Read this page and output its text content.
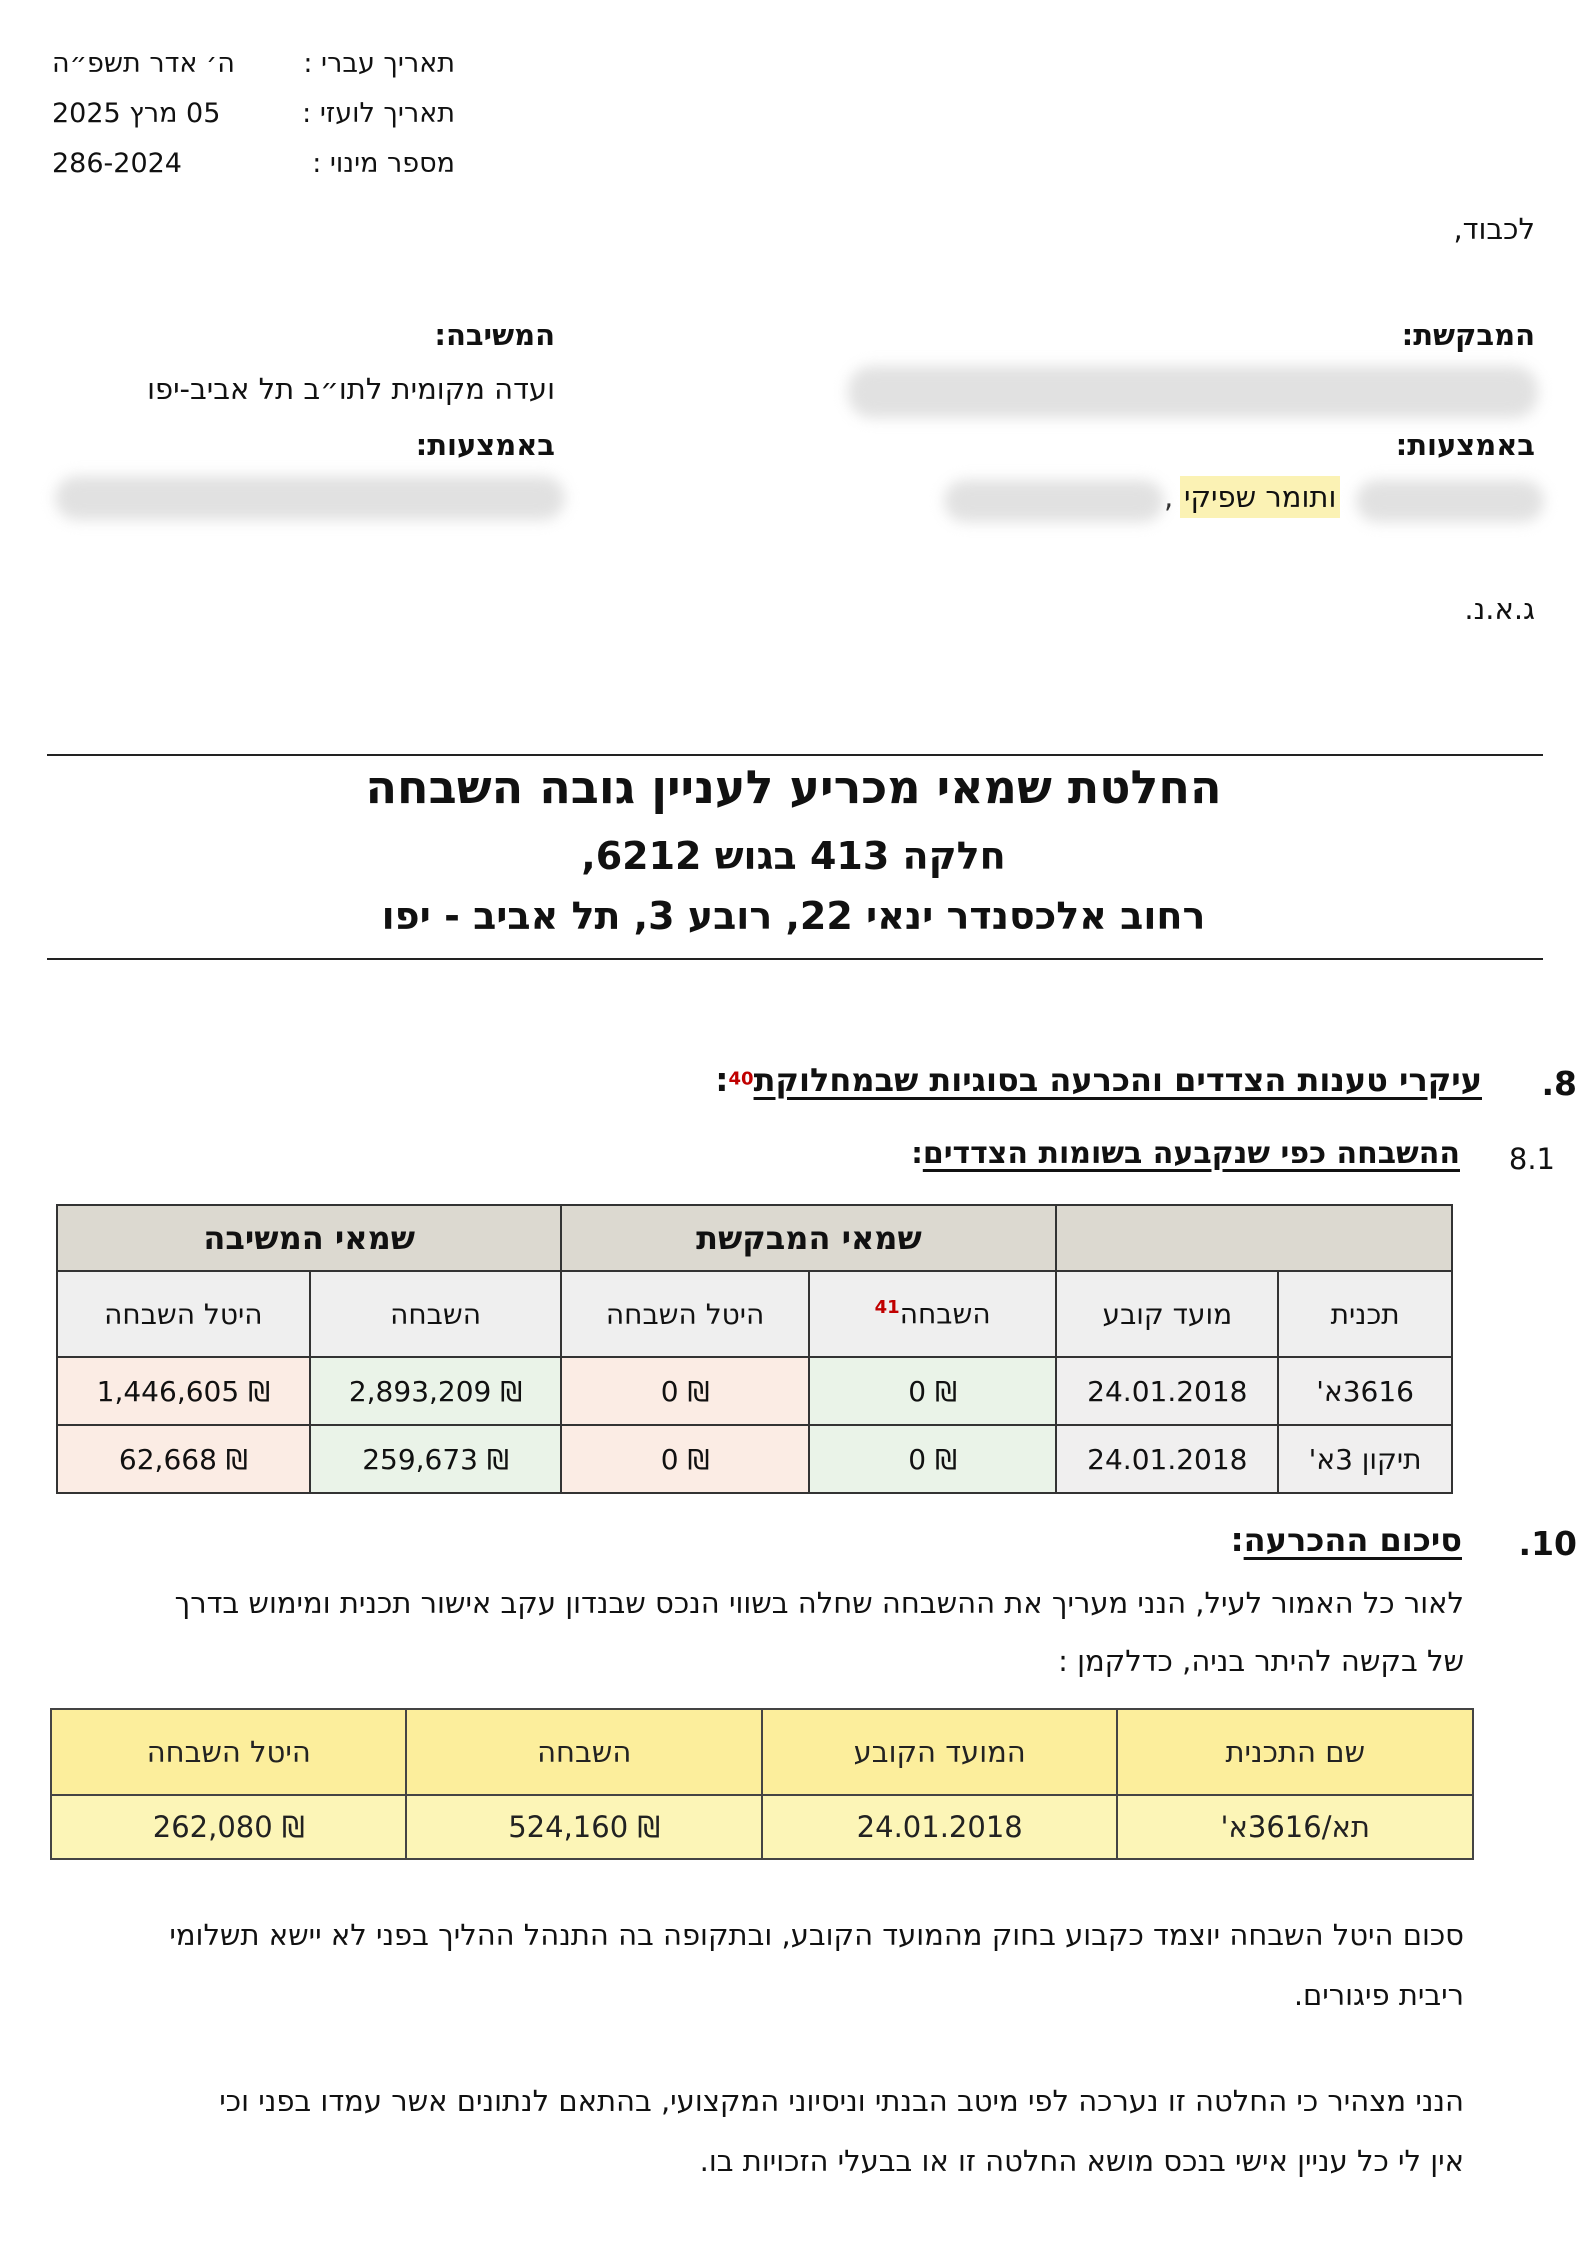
תאריך עברי :
ה׳ אדר תשפ״ה
תאריך לועזי :
05 מרץ 2025
מספר מינוי :
286-2024
לכבוד,
המבקשת:
המשיבה:
ועדה מקומית לתו״ב תל אביב-יפו
באמצעות:
באמצעות:
ותומר שפיקי
,
ג.א.נ.
החלטת שמאי מכריע לעניין גובה השבחה
חלקה 413 בגוש 6212,
רחוב אלכסנדר ינאי 22, רובע 3, תל אביב - יפו
.8
עיקרי טענות הצדדים והכרעה בסוגיות שבמחלוקת$^{40}$:
8.1
ההשבחה כפי שנקבעה בשומות הצדדים:
		שמאי המבקשת		שמאי המשיבה	
תכנית	מועד קובע	השבחה$^{41}$	היטל השבחה	השבחה	היטל השבחה
3616א'	24.01.2018	₪ 0	₪ 0	₪ 2,893,209	₪ 1,446,605
תיקון 3א'	24.01.2018	₪ 0	₪ 0	₪ 259,673	₪ 62,668
.10
סיכום ההכרעה:
לאור כל האמור לעיל, הנני מעריך את ההשבחה שחלה בשווי הנכס שבנדון עקב אישור תכנית ומימוש בדרך
של בקשה להיתר בניה, כדלקמן :
שם התכנית	המועד הקובע	השבחה	היטל השבחה
תא/3616א'	24.01.2018	₪ 524,160	₪ 262,080
סכום היטל השבחה יוצמד כקבוע בחוק מהמועד הקובע, ובתקופה בה התנהל ההליך בפני לא יישא תשלומי
ריבית פיגורים.
הנני מצהיר כי החלטה זו נערכה לפי מיטב הבנתי וניסיוני המקצועי, בהתאם לנתונים אשר עמדו בפני וכי
אין לי כל עניין אישי בנכס מושא החלטה זו או בבעלי הזכויות בו.
